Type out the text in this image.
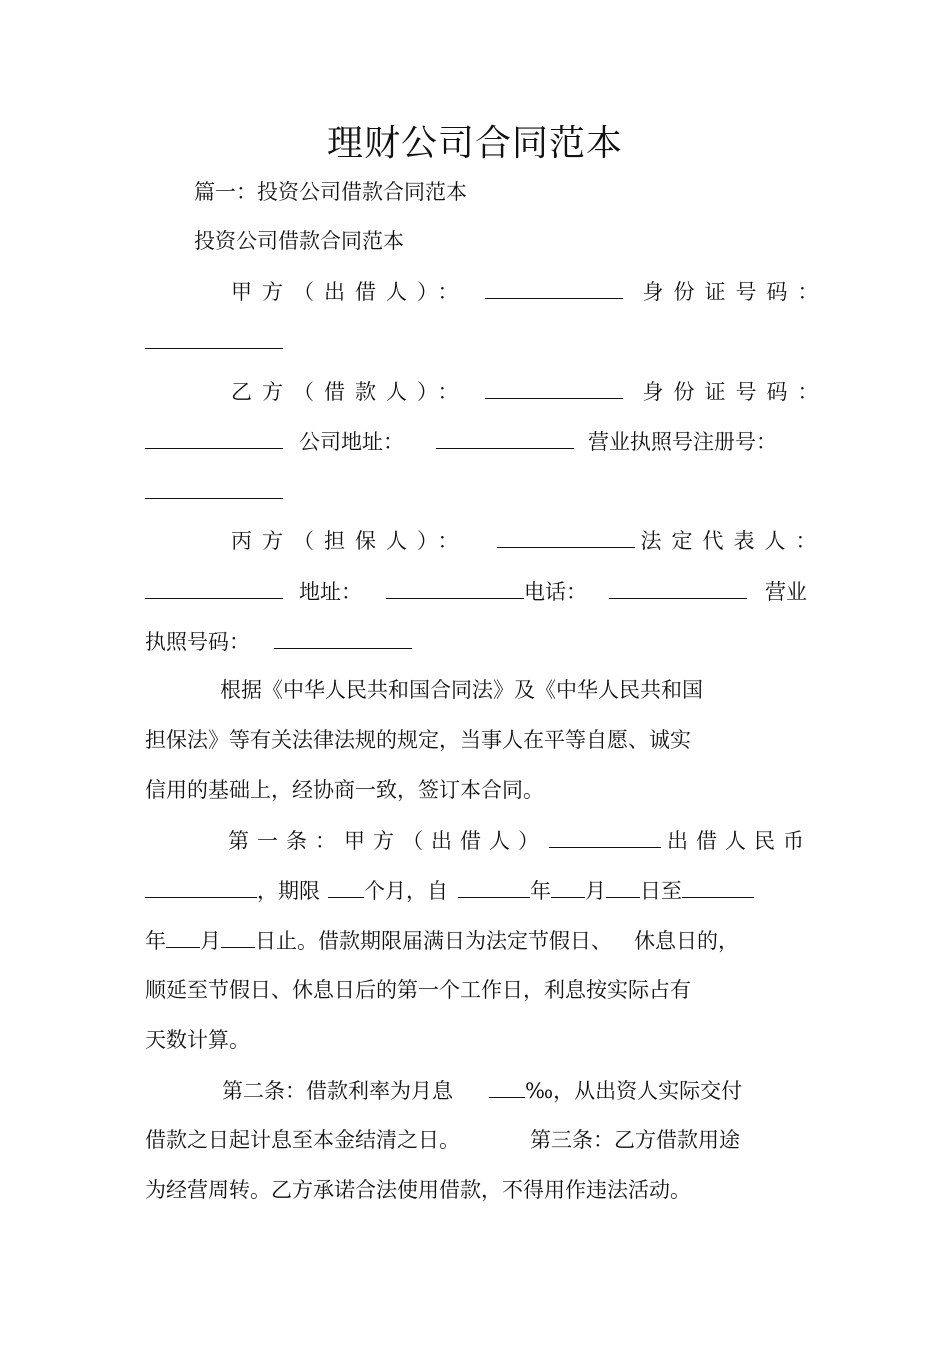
理财公司合同范本
篇一：投资公司借款合同范本
投资公司借款合同范本
甲方（出借人）：	身份证号码：
乙方（借款人）：	身份证号码：
公司地址：	营业执照号注册号：
丙方（担保人）：	法定代表人：
地址：	电话：	营业
执照号码：
根据《中华人民共和国合同法》及《中华人民共和国
担保法》等有关法律法规的规定，当事人在平等自愿、诚实
信用的基础上，经协商一致，签订本合同。
第一条：甲方（出借人）	出借人民币
，期限 个月，自	年 月 日至
年 月 日止。借款期限届满日为法定节假日、 休息日的，
顺延至节假日、休息日后的第一个工作日，利息按实际占有
天数计算。
第二条：借款利率为月息	‰，从出资人实际交付
借款之日起计息至本金结清之日。	第三条：乙方借款用途
为经营周转。乙方承诺合法使用借款，不得用作违法活动。
